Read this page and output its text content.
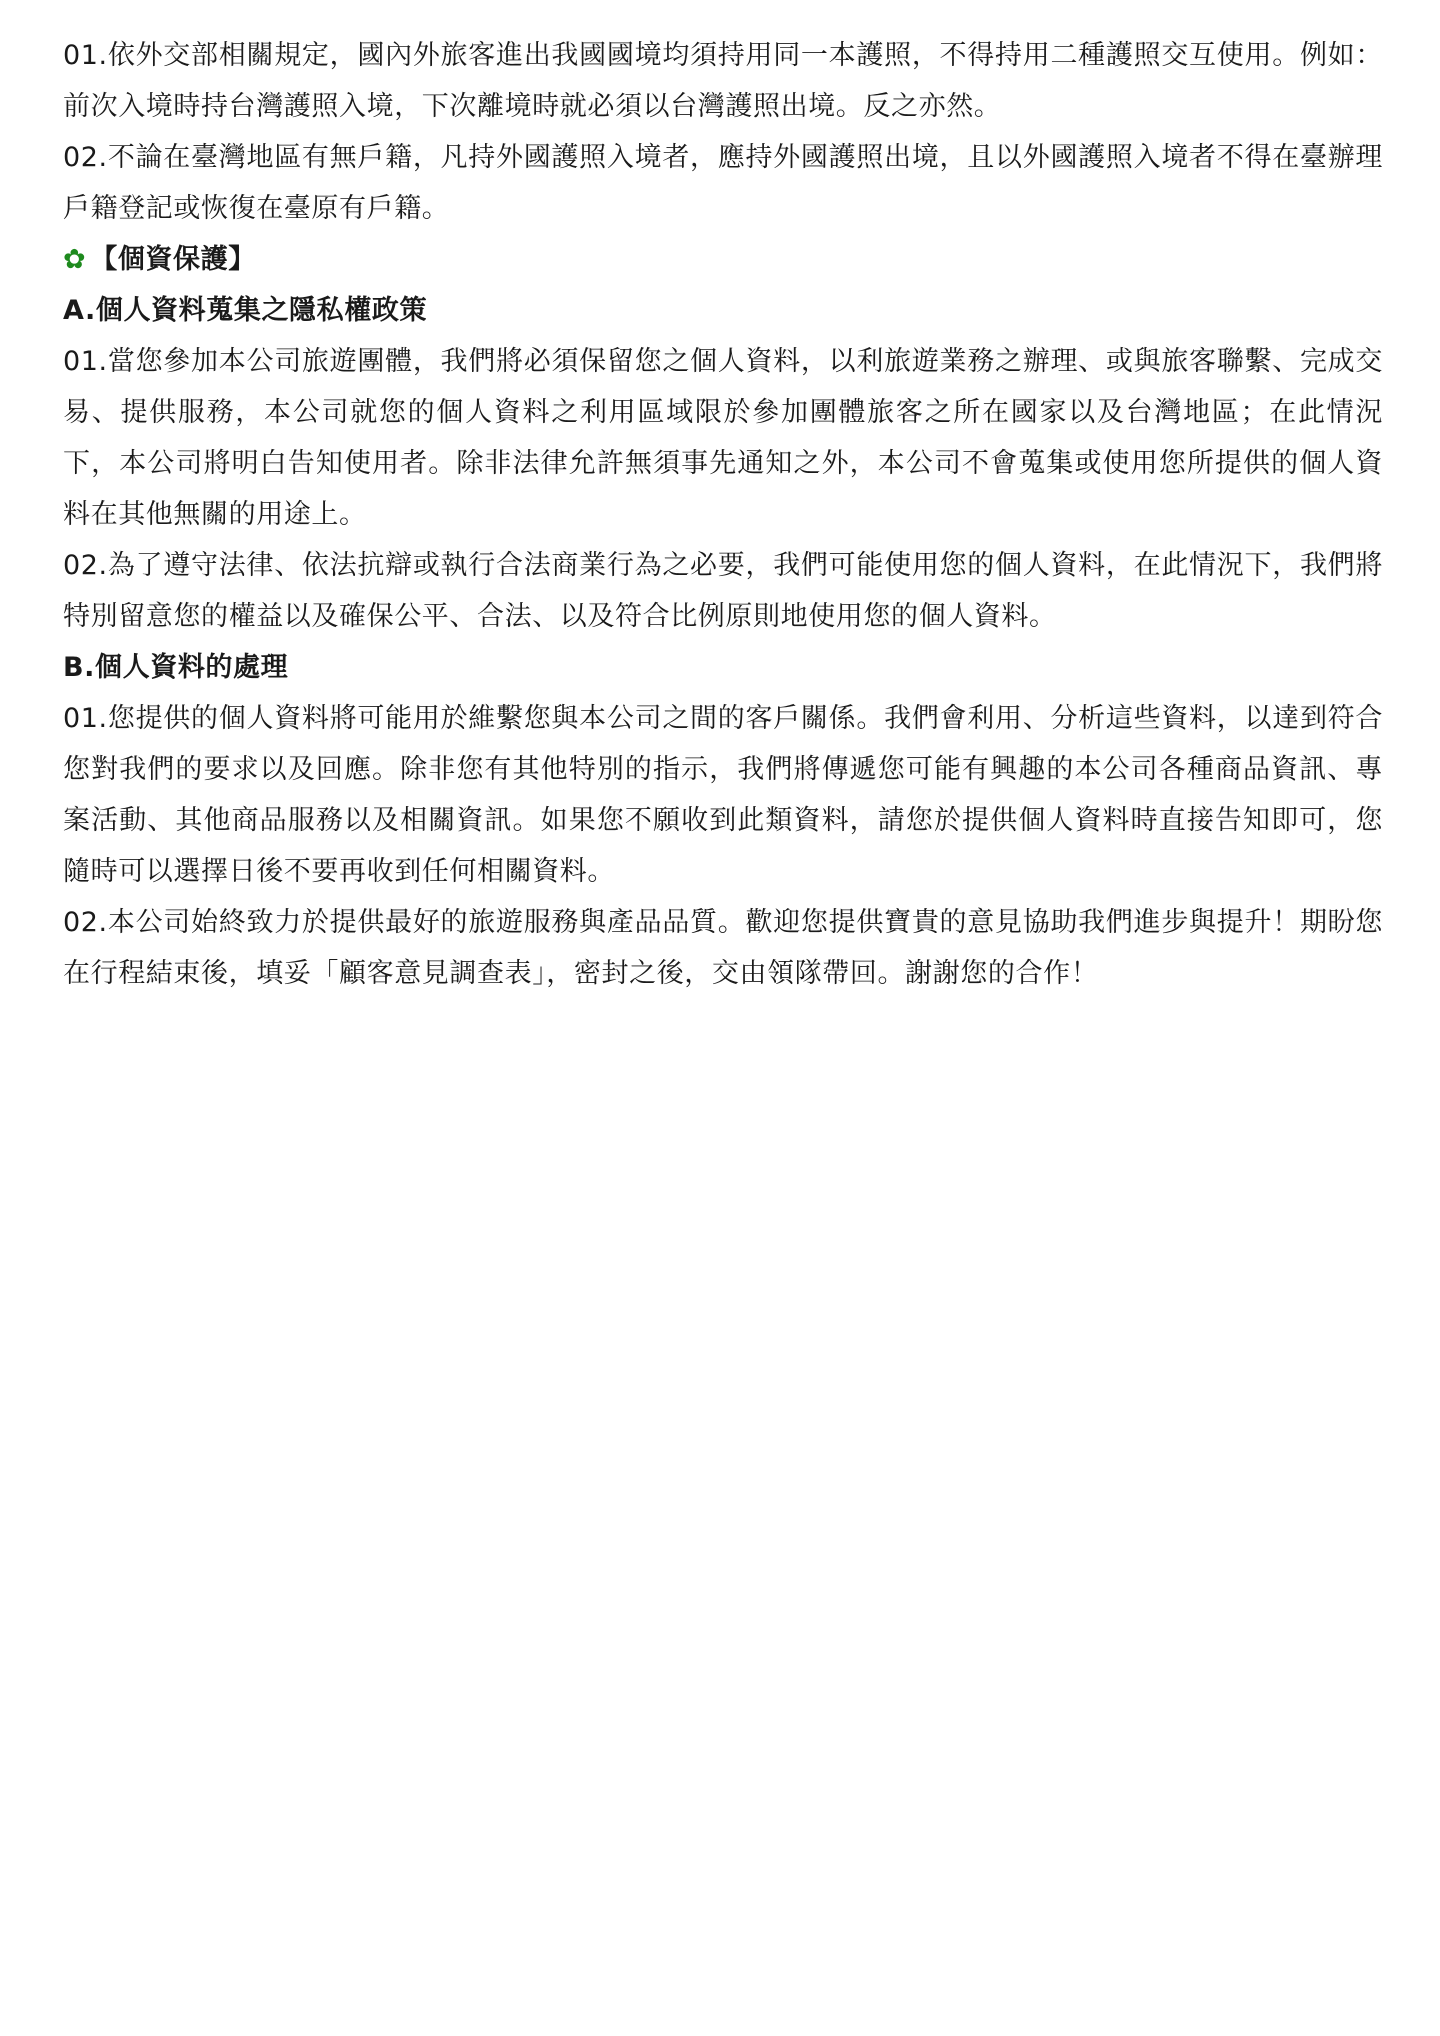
01.依外交部相關規定，國內外旅客進出我國國境均須持用同一本護照，不得持用二種護照交互使用。例如：前次入境時持台灣護照入境，下次離境時就必須以台灣護照出境。反之亦然。

02.不論在臺灣地區有無戶籍，凡持外國護照入境者，應持外國護照出境，且以外國護照入境者不得在臺辦理戶籍登記或恢復在臺原有戶籍。

✿ 【個資保護】

A.個人資料蒐集之隱私權政策

01.當您參加本公司旅遊團體，我們將必須保留您之個人資料，以利旅遊業務之辦理、或與旅客聯繫、完成交易、提供服務，本公司就您的個人資料之利用區域限於參加團體旅客之所在國家以及台灣地區；在此情況下，本公司將明白告知使用者。除非法律允許無須事先通知之外，本公司不會蒐集或使用您所提供的個人資料在其他無關的用途上。

02.為了遵守法律、依法抗辯或執行合法商業行為之必要，我們可能使用您的個人資料，在此情況下，我們將特別留意您的權益以及確保公平、合法、以及符合比例原則地使用您的個人資料。

B.個人資料的處理

01.您提供的個人資料將可能用於維繫您與本公司之間的客戶關係。我們會利用、分析這些資料，以達到符合您對我們的要求以及回應。除非您有其他特別的指示，我們將傳遞您可能有興趣的本公司各種商品資訊、專案活動、其他商品服務以及相關資訊。如果您不願收到此類資料，請您於提供個人資料時直接告知即可，您隨時可以選擇日後不要再收到任何相關資料。

02.本公司始終致力於提供最好的旅遊服務與產品品質。歡迎您提供寶貴的意見協助我們進步與提升！期盼您在行程結束後，填妥「顧客意見調查表」，密封之後，交由領隊帶回。謝謝您的合作！
